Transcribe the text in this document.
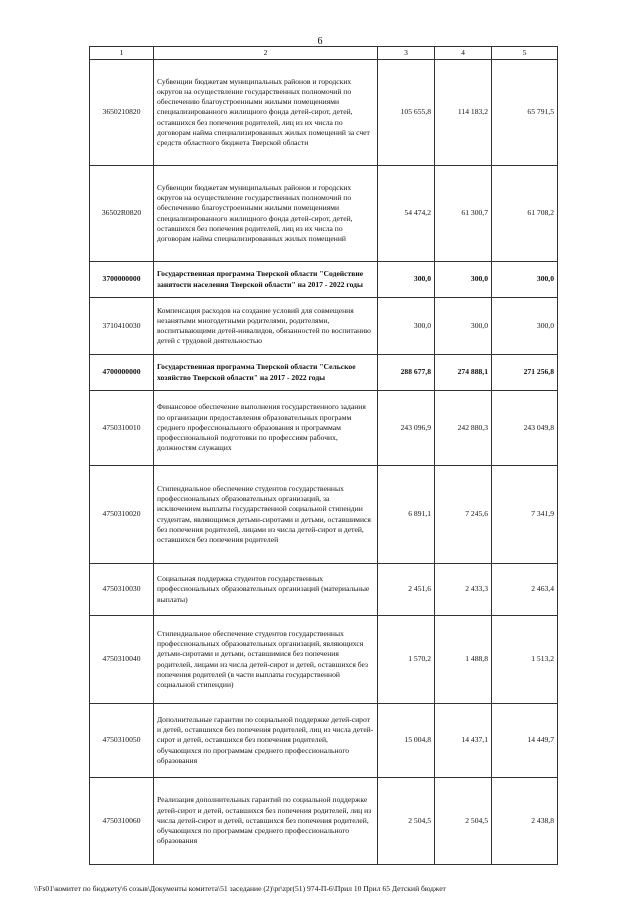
6
1	2	3	4	5
3650210820	Субвенции бюджетам муниципальных районов и городских округов на осуществление государственных полномочий по обеспечению благоустроенными жилыми помещениями специализированного жилищного фонда детей-сирот, детей, оставшихся без попечения родителей, лиц из их числа по договорам найма специализированных жилых помещений за счет средств областного бюджета Тверской области	105 655,8	114 183,2	65 791,5
36502R0820	Субвенции бюджетам муниципальных районов и городских округов на осуществление государственных полномочий по обеспечению благоустроенными жилыми помещениями специализированного жилищного фонда детей-сирот, детей, оставшихся без попечения родителей, лиц из их числа по договорам найма специализированных жилых помещений	54 474,2	61 300,7	61 708,2
3700000000	Государственная программа Тверской области "Содействие занятости населения Тверской области" на 2017 - 2022 годы	300,0	300,0	300,0
3710410030	Компенсация расходов на создание условий для совмещения незанятыми многодетными родителями, родителями, воспитывающими детей-инвалидов, обязанностей по воспитанию детей с трудовой деятельностью	300,0	300,0	300,0
4700000000	Государственная программа Тверской области "Сельское хозяйство Тверской области" на 2017 - 2022 годы	288 677,8	274 888,1	271 256,8
4750310010	Финансовое обеспечение выполнения государственного задания по организации предоставления образовательных программ среднего профессионального образования и программам профессиональной подготовки по профессиям рабочих, должностям служащих	243 096,9	242 880,3	243 049,8
4750310020	Стипендиальное обеспечение студентов государственных профессиональных образовательных организаций, за исключением выплаты государственной социальной стипендии студентам, являющимся детьми-сиротами и детьми, оставшимися без попечения родителей, лицами из числа детей-сирот и детей, оставшихся без попечения родителей	6 891,1	7 245,6	7 341,9
4750310030	Социальная поддержка студентов государственных профессиональных образовательных организаций (материальные выплаты)	2 451,6	2 433,3	2 463,4
4750310040	Стипендиальное обеспечение студентов государственных профессиональных образовательных организаций, являющихся детьми-сиротами и детьми, оставшимися без попечения родителей, лицами из числа детей-сирот и детей, оставшихся без попечения родителей (в части выплаты государственной социальной стипендии)	1 570,2	1 488,8	1 513,2
4750310050	Дополнительные гарантии по социальной поддержке детей-сирот и детей, оставшихся без попечения родителей, лиц из числа детей-сирот и детей, оставшихся без попечения родителей, обучающихся по программам среднего профессионального образования	15 004,8	14 437,1	14 449,7
4750310060	Реализация дополнительных гарантий по социальной поддержке детей-сирот и детей, оставшихся без попечения родителей, лиц из числа детей-сирот и детей, оставшихся без попечения родителей, обучающихся по программам среднего профессионального образования	2 504,5	2 504,5	2 438,8
\\Fs01\комитет по бюджету\6 созыв\Документы комитета\51 заседание (2)\pr\zpr(51) 974-П-6\Прил 10 Прил 65 Детский бюджет
